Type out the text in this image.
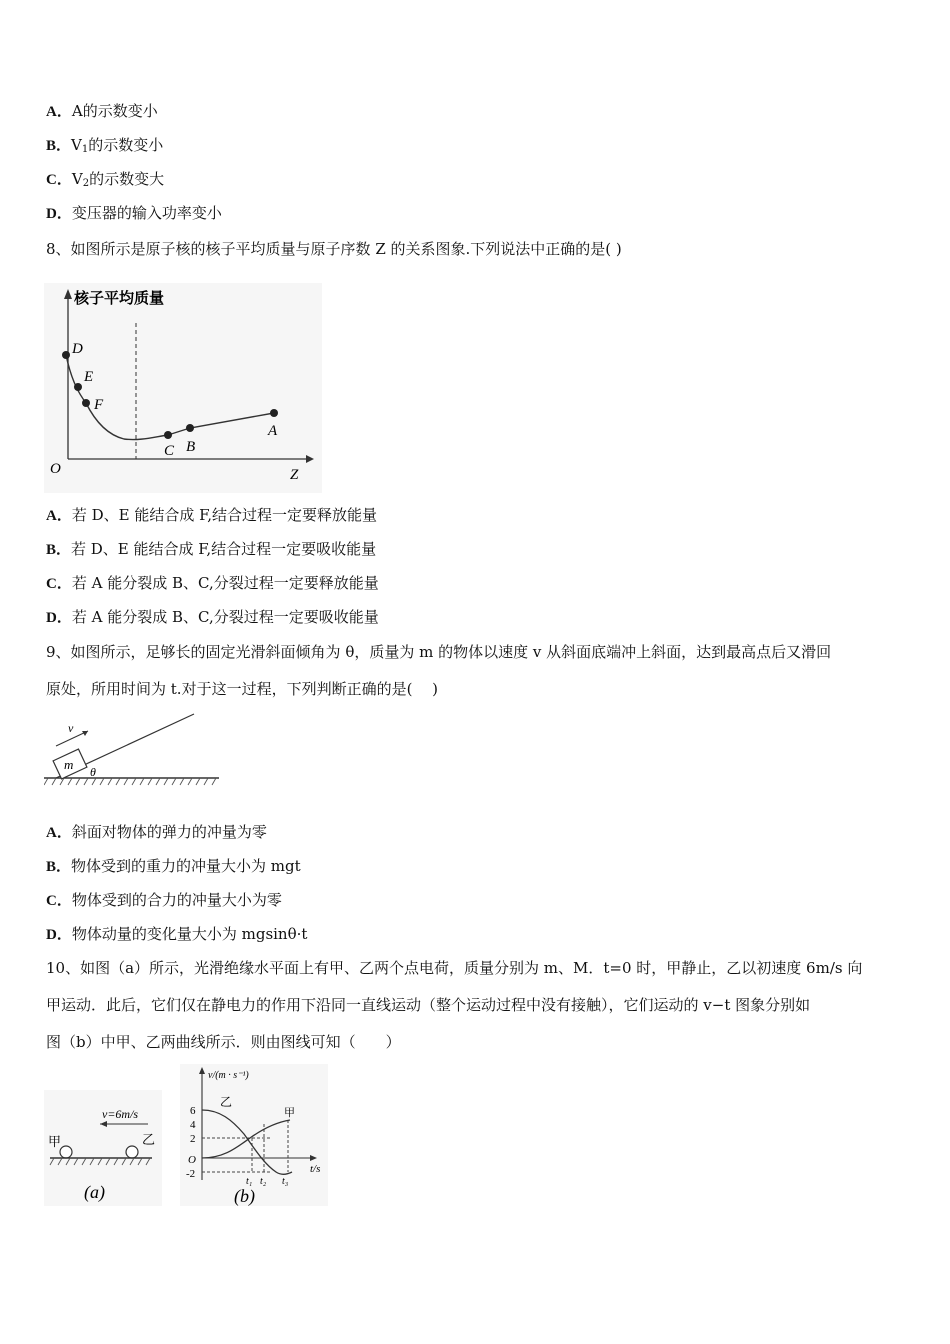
A．A的示数变小
B．$V_1$的示数变小
C．$V_2$的示数变大
D．变压器的输入功率变小
8、如图所示是原子核的核子平均质量与原子序数 Z 的关系图象.下列说法中正确的是( )
核子平均质量
O	Z
D
E
F
C B
A
A．若 D、E 能结合成 F,结合过程一定要释放能量
B．若 D、E 能结合成 F,结合过程一定要吸收能量
C．若 A 能分裂成 B、C,分裂过程一定要释放能量
D．若 A 能分裂成 B、C,分裂过程一定要吸收能量
9、如图所示，足够长的固定光滑斜面倾角为 θ，质量为 m 的物体以速度 v 从斜面底端冲上斜面，达到最高点后又滑回
原处，所用时间为 t.对于这一过程，下列判断正确的是(　 )
m
v
θ
A．斜面对物体的弹力的冲量为零
B．物体受到的重力的冲量大小为 mgt
C．物体受到的合力的冲量大小为零
D．物体动量的变化量大小为 mgsinθ·t
10、如图（a）所示，光滑绝缘水平面上有甲、乙两个点电荷，质量分别为 m、M．t=0 时，甲静止，乙以初速度 6m/s 向
甲运动．此后，它们仅在静电力的作用下沿同一直线运动（整个运动过程中没有接触），它们运动的 v−t 图象分别如
图（b）中甲、乙两曲线所示．则由图线可知（　　）
v=6m/s
甲	乙
(a)
v/(m · s⁻¹)
t/s
O
6
4
2
-2
乙
甲
t₁ t₂ t₃
(b)
